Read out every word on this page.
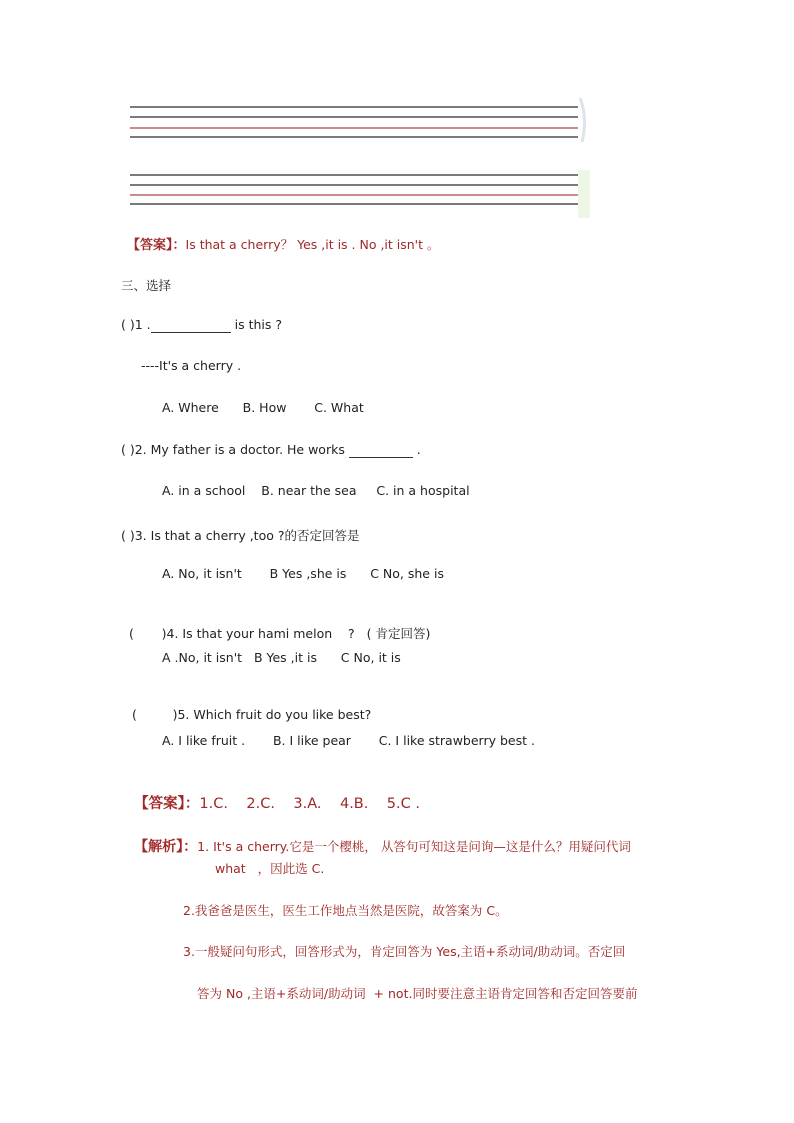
【答案】：Is that a cherry？ Yes ,it is . No ,it isn't 。
三、选择
( )1 .	is this ?
----It's a cherry .
A. Where      B. How       C. What
( )2. My father is a doctor. He works	.
A. in a school    B. near the sea     C. in a hospital
( )3. Is that a cherry ,too ?的否定回答是
A. No, it isn't       B Yes ,she is      C No, she is

(       )4. Is that your hami melon    ?   ( 肯定回答)

A .No, it isn't   B Yes ,it is      C No, it is

(         )5. Which fruit do you like best?

A. I like fruit .       B. I like pear       C. I like strawberry best .

【答案】：1.C.    2.C.    3.A.    4.B.    5.C .

【解析】：1. It's a cherry.它是一个樱桃， 从答句可知这是问询—这是什么？用疑问代词

what   ，因此选 C.
2.我爸爸是医生，医生工作地点当然是医院，故答案为 C。
3.一般疑问句形式，回答形式为，肯定回答为 Yes,主语+系动词/助动词。否定回
答为 No ,主语+系动词/助动词  + not.同时要注意主语肯定回答和否定回答要前
